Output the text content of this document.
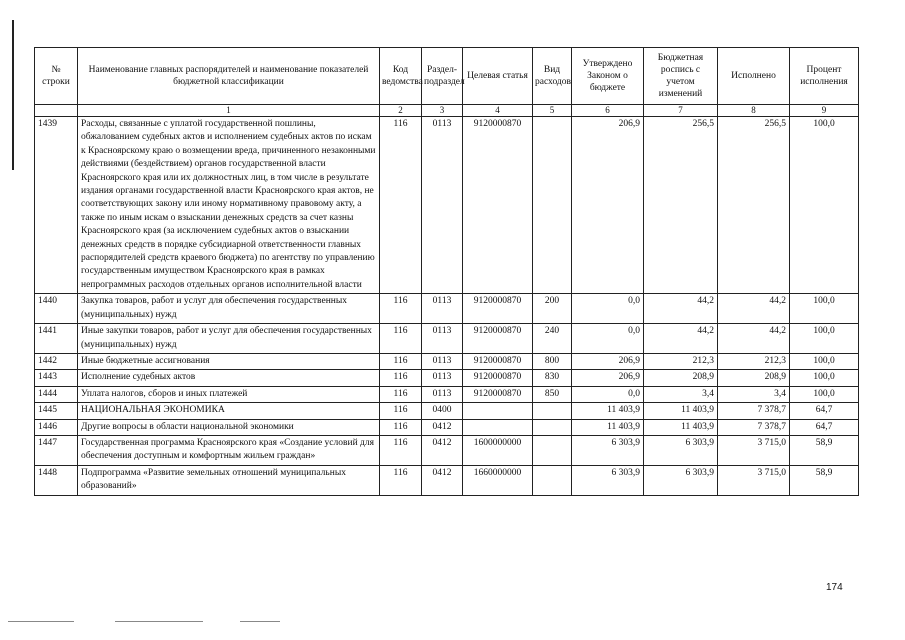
№ строки	Наименование главных распорядителей и наименование показателей бюджетной классификации	Код ведомства	Раздел-подраздел	Целевая статья	Вид расходов	Утверждено Законом о бюджете	Бюджетная роспись с учетом изменений	Исполнено	Процент исполнения
	1	2	3	4	5	6	7	8	9
1439	Расходы, связанные с уплатой государственной пошлины, обжалованием судебных актов и исполнением судебных актов по искам к Красноярскому краю о возмещении вреда, причиненного незаконными действиями (бездействием) органов государственной власти Красноярского края или их должностных лиц, в том числе в результате издания органами государственной власти Красноярского края актов, не соответствующих закону или иному нормативному правовому акту, а также по иным искам о взыскании денежных средств за счет казны Красноярского края (за исключением судебных актов о взыскании денежных средств в порядке субсидиарной ответственности главных распорядителей средств краевого бюджета) по агентству по управлению государственным имуществом Красноярского края в рамках непрограммных расходов отдельных органов исполнительной власти	116	0113	9120000870		206,9	256,5	256,5	100,0
1440	Закупка товаров, работ и услуг для обеспечения государственных (муниципальных) нужд	116	0113	9120000870	200	0,0	44,2	44,2	100,0
1441	Иные закупки товаров, работ и услуг для обеспечения государственных (муниципальных) нужд	116	0113	9120000870	240	0,0	44,2	44,2	100,0
1442	Иные бюджетные ассигнования	116	0113	9120000870	800	206,9	212,3	212,3	100,0
1443	Исполнение судебных актов	116	0113	9120000870	830	206,9	208,9	208,9	100,0
1444	Уплата налогов, сборов и иных платежей	116	0113	9120000870	850	0,0	3,4	3,4	100,0
1445	НАЦИОНАЛЬНАЯ ЭКОНОМИКА	116	0400			11 403,9	11 403,9	7 378,7	64,7
1446	Другие вопросы в области национальной экономики	116	0412			11 403,9	11 403,9	7 378,7	64,7
1447	Государственная программа Красноярского края «Создание условий для обеспечения доступным и комфортным жильем граждан»	116	0412	1600000000		6 303,9	6 303,9	3 715,0	58,9
1448	Подпрограмма «Развитие земельных отношений муниципальных образований»	116	0412	1660000000		6 303,9	6 303,9	3 715,0	58,9
174
